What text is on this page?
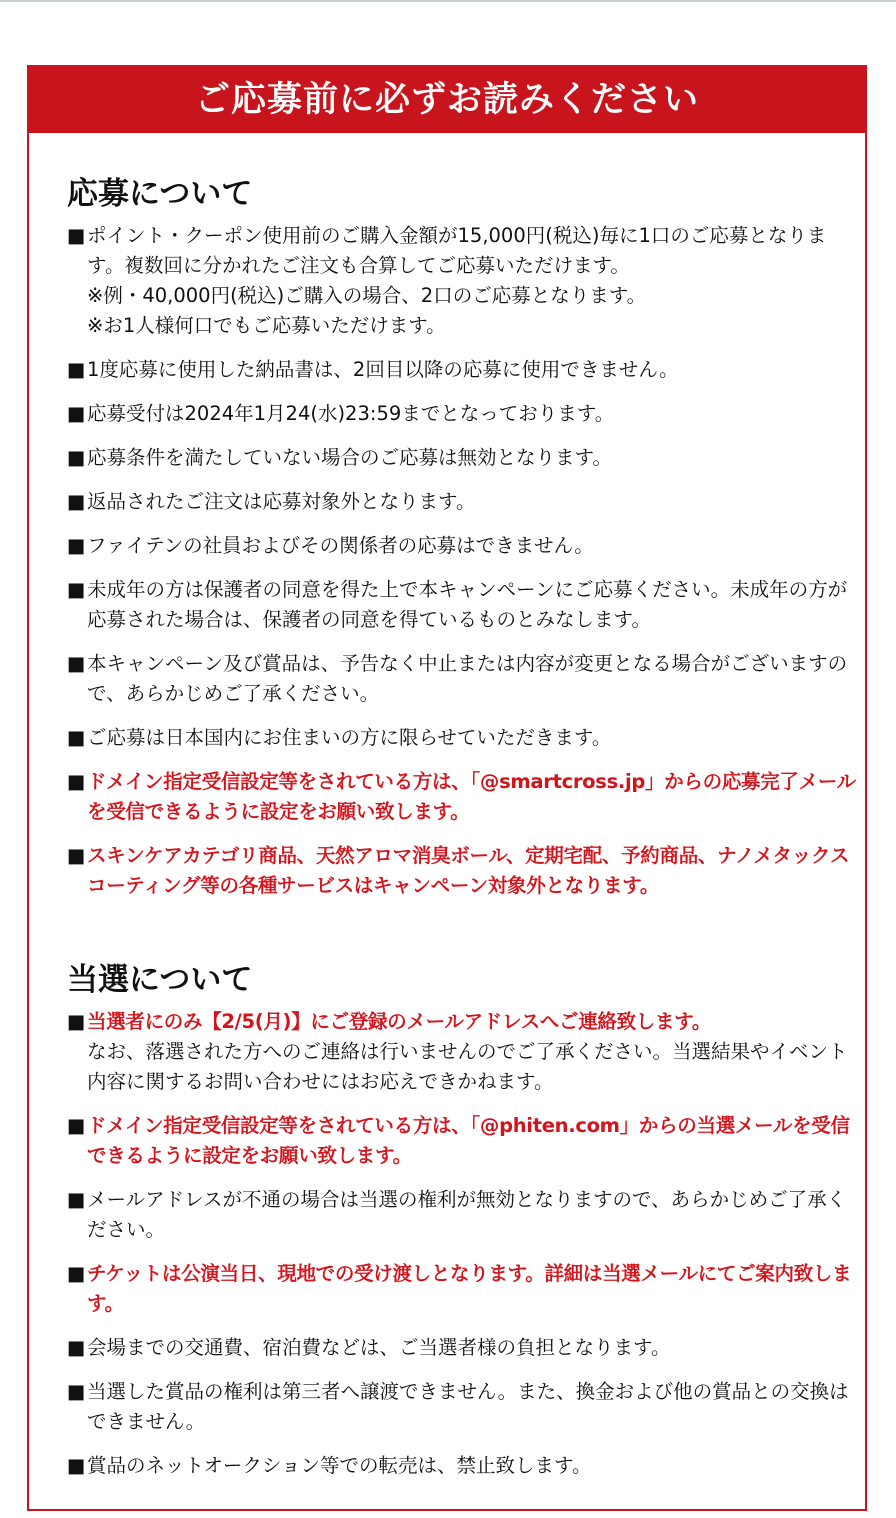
ご応募前に必ずお読みください
応募について
■ ポイント・クーポン使用前のご購入金額が15,000円(税込)毎に1口のご応募となります。複数回に分かれたご注文も合算してご応募いただけます。
※例・40,000円(税込)ご購入の場合、2口のご応募となります。
※お1人様何口でもご応募いただけます。
■ 1度応募に使用した納品書は、2回目以降の応募に使用できません。
■ 応募受付は2024年1月24(水)23:59までとなっております。
■ 応募条件を満たしていない場合のご応募は無効となります。
■ 返品されたご注文は応募対象外となります。
■ ファイテンの社員およびその関係者の応募はできません。
■ 未成年の方は保護者の同意を得た上で本キャンペーンにご応募ください。未成年の方が応募された場合は、保護者の同意を得ているものとみなします。
■ 本キャンペーン及び賞品は、予告なく中止または内容が変更となる場合がございますので、あらかじめご了承ください。
■ ご応募は日本国内にお住まいの方に限らせていただきます。
■ ドメイン指定受信設定等をされている方は、「@smartcross.jp」からの応募完了メールを受信できるように設定をお願い致します。
■ スキンケアカテゴリ商品、天然アロマ消臭ボール、定期宅配、予約商品、ナノメタックスコーティング等の各種サービスはキャンペーン対象外となります。
当選について
■ 当選者にのみ【2/5(月)】にご登録のメールアドレスへご連絡致します。
なお、落選された方へのご連絡は行いませんのでご了承ください。当選結果やイベント内容に関するお問い合わせにはお応えできかねます。
■ ドメイン指定受信設定等をされている方は、「@phiten.com」からの当選メールを受信できるように設定をお願い致します。
■ メールアドレスが不通の場合は当選の権利が無効となりますので、あらかじめご了承ください。
■ チケットは公演当日、現地での受け渡しとなります。詳細は当選メールにてご案内致します。
■ 会場までの交通費、宿泊費などは、ご当選者様の負担となります。
■ 当選した賞品の権利は第三者へ譲渡できません。また、換金および他の賞品との交換はできません。
■ 賞品のネットオークション等での転売は、禁止致します。
